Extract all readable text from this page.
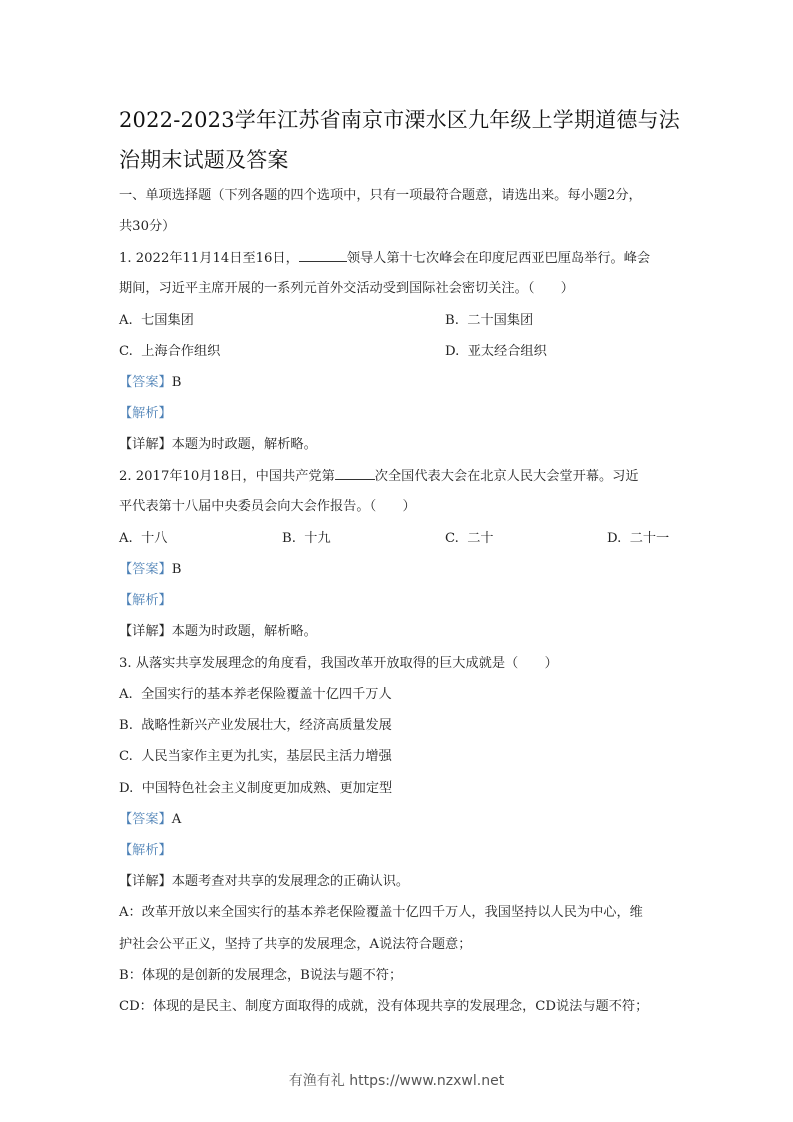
2022-2023学年江苏省南京市溧水区九年级上学期道德与法
治期末试题及答案
一、单项选择题（下列各题的四个选项中，只有一项最符合题意，请选出来。每小题2分，
共30分）
1. 2022年11月14日至16日，	领导人第十七次峰会在印度尼西亚巴厘岛举行。峰会
期间，习近平主席开展的一系列元首外交活动受到国际社会密切关注。（　　）
A. 七国集团	B. 二十国集团
C. 上海合作组织	D. 亚太经合组织
【答案】B
【解析】
【详解】本题为时政题，解析略。
2. 2017年10月18日，中国共产党第	次全国代表大会在北京人民大会堂开幕。习近
平代表第十八届中央委员会向大会作报告。（　　）
A. 十八	B. 十九	C. 二十	D. 二十一
【答案】B
【解析】
【详解】本题为时政题，解析略。
3. 从落实共享发展理念的角度看，我国改革开放取得的巨大成就是（　　）
A. 全国实行的基本养老保险覆盖十亿四千万人
B. 战略性新兴产业发展壮大，经济高质量发展
C. 人民当家作主更为扎实，基层民主活力增强
D. 中国特色社会主义制度更加成熟、更加定型
【答案】A
【解析】
【详解】本题考查对共享的发展理念的正确认识。
A：改革开放以来全国实行的基本养老保险覆盖十亿四千万人，我国坚持以人民为中心，维
护社会公平正义，坚持了共享的发展理念，A说法符合题意；
B：体现的是创新的发展理念，B说法与题不符；
CD：体现的是民主、制度方面取得的成就，没有体现共享的发展理念，CD说法与题不符；
有渔有礼 https://www.nzxwl.net
